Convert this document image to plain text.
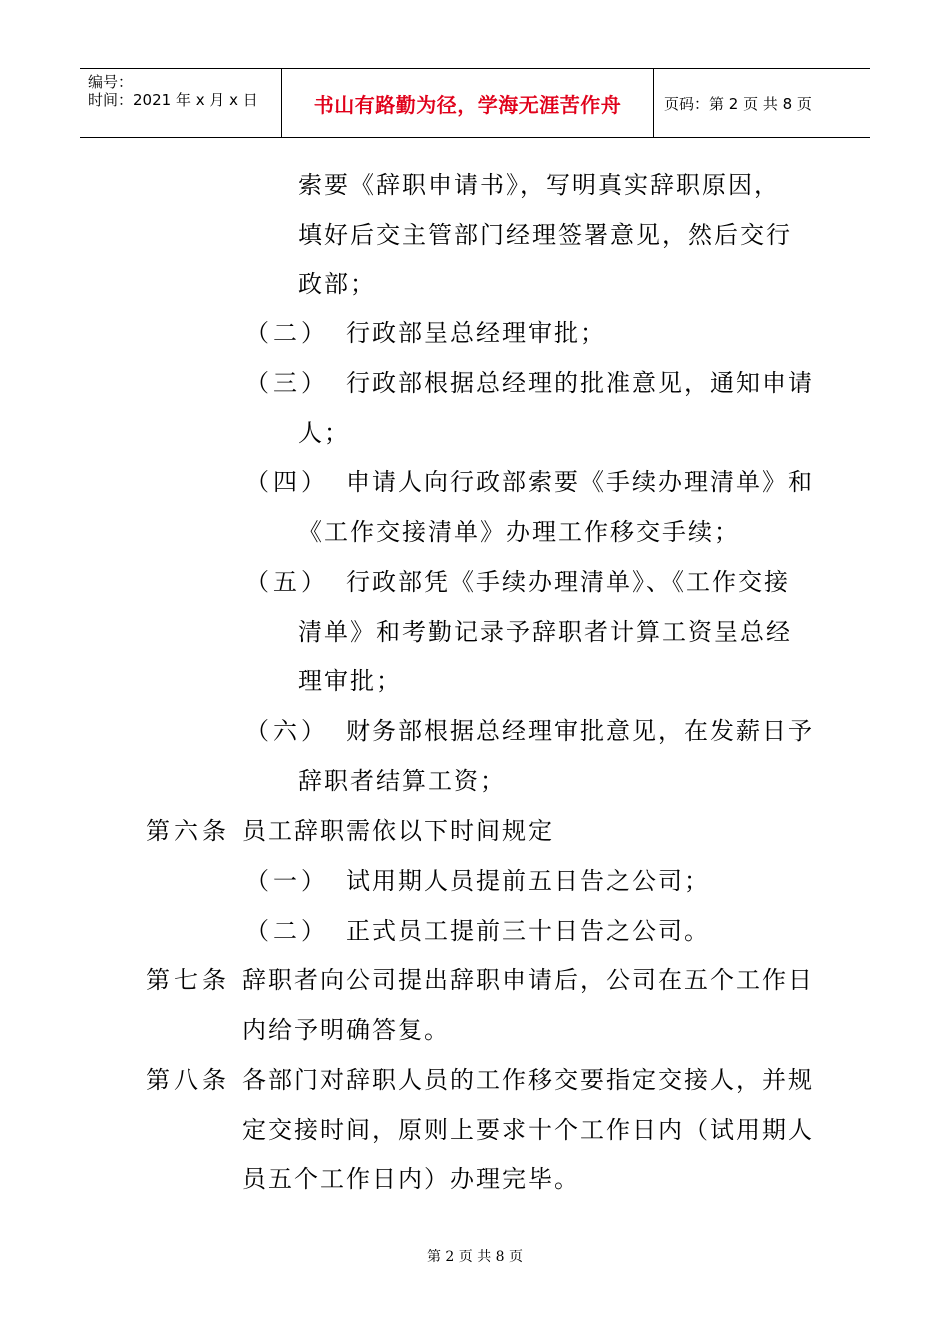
编号：
时间：2021 年 x 月 x 日	书山有路勤为径，学海无涯苦作舟	页码：第 2 页 共 8 页
索要《辞职申请书》，写明真实辞职原因，
填好后交主管部门经理签署意见，然后交行
政部；
（二） 行政部呈总经理审批；
（三） 行政部根据总经理的批准意见，通知申请
人；
（四） 申请人向行政部索要《手续办理清单》和
《工作交接清单》办理工作移交手续；
（五） 行政部凭《手续办理清单》、《工作交接
清单》和考勤记录予辞职者计算工资呈总经
理审批；
（六） 财务部根据总经理审批意见，在发薪日予
辞职者结算工资；
第六条 员工辞职需依以下时间规定
（一） 试用期人员提前五日告之公司；
（二） 正式员工提前三十日告之公司。
第七条 辞职者向公司提出辞职申请后，公司在五个工作日
内给予明确答复。
第八条 各部门对辞职人员的工作移交要指定交接人，并规
定交接时间，原则上要求十个工作日内（试用期人
员五个工作日内）办理完毕。
第 2 页 共 8 页
